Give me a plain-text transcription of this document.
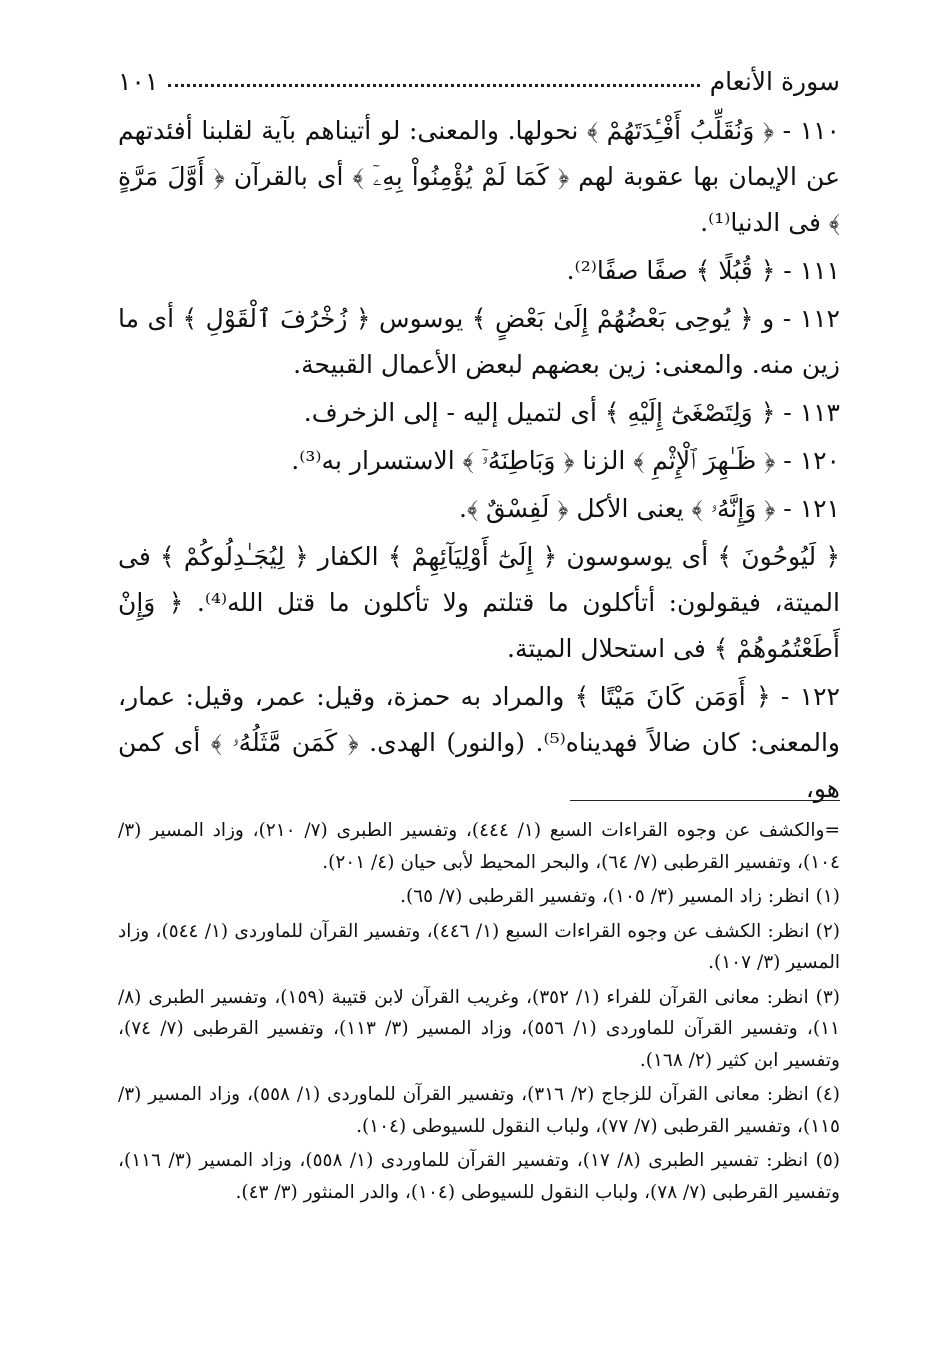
سورة الأنعام
١٠١

١١٠ - ﴿ وَنُقَلِّبُ أَفْـِٔدَتَهُمْ ﴾ نحولها. والمعنى: لو أتيناهم بآية لقلبنا أفئدتهم عن الإيمان بها عقوبة لهم ﴿ كَمَا لَمْ يُؤْمِنُواْ بِهِۦٓ ﴾ أى بالقرآن ﴿ أَوَّلَ مَرَّةٍ ﴾ فى الدنيا⁽¹⁾.

١١١ - ﴿ قُبُلًا ﴾ صفًا صفًا⁽²⁾.

١١٢ - و ﴿ يُوحِى بَعْضُهُمْ إِلَىٰ بَعْضٍ ﴾ يوسوس ﴿ زُخْرُفَ ٱلْقَوْلِ ﴾ أى ما زين منه. والمعنى: زين بعضهم لبعض الأعمال القبيحة.

١١٣ - ﴿ وَلِتَصْغَىٰٓ إِلَيْهِ ﴾ أى لتميل إليه - إلى الزخرف.

١٢٠ - ﴿ ظَـٰهِرَ ٱلْإِثْمِ ﴾ الزنا ﴿ وَبَاطِنَهُۥٓ ﴾ الاستسرار به⁽³⁾.

١٢١ - ﴿ وَإِنَّهُۥ ﴾ يعنى الأكل ﴿ لَفِسْقٌ ﴾.

﴿ لَيُوحُونَ ﴾ أى يوسوسون ﴿ إِلَىٰٓ أَوْلِيَآئِهِمْ ﴾ الكفار ﴿ لِيُجَـٰدِلُوكُمْ ﴾ فى الميتة، فيقولون: أتأكلون ما قتلتم ولا تأكلون ما قتل الله⁽⁴⁾. ﴿ وَإِنْ أَطَعْتُمُوهُمْ ﴾ فى استحلال الميتة.

١٢٢ - ﴿ أَوَمَن كَانَ مَيْتًا ﴾ والمراد به حمزة، وقيل: عمر، وقيل: عمار، والمعنى: كان ضالاً فهديناه⁽⁵⁾. (والنور) الهدى. ﴿ كَمَن مَّثَلُهُۥ ﴾ أى كمن هو،

=والكشف عن وجوه القراءات السبع (١/ ٤٤٤)، وتفسير الطبرى (٧/ ٢١٠)، وزاد المسير (٣/ ١٠٤)، وتفسير القرطبى (٧/ ٦٤)، والبحر المحيط لأبى حيان (٤/ ٢٠١).

(١) انظر: زاد المسير (٣/ ١٠٥)، وتفسير القرطبى (٧/ ٦٥).

(٢) انظر: الكشف عن وجوه القراءات السبع (١/ ٤٤٦)، وتفسير القرآن للماوردى (١/ ٥٤٤)، وزاد المسير (٣/ ١٠٧).

(٣) انظر: معانى القرآن للفراء (١/ ٣٥٢)، وغريب القرآن لابن قتيبة (١٥٩)، وتفسير الطبرى (٨/ ١١)، وتفسير القرآن للماوردى (١/ ٥٥٦)، وزاد المسير (٣/ ١١٣)، وتفسير القرطبى (٧/ ٧٤)، وتفسير ابن كثير (٢/ ١٦٨).

(٤) انظر: معانى القرآن للزجاج (٢/ ٣١٦)، وتفسير القرآن للماوردى (١/ ٥٥٨)، وزاد المسير (٣/ ١١٥)، وتفسير القرطبى (٧/ ٧٧)، ولباب النقول للسيوطى (١٠٤).

(٥) انظر: تفسير الطبرى (٨/ ١٧)، وتفسير القرآن للماوردى (١/ ٥٥٨)، وزاد المسير (٣/ ١١٦)، وتفسير القرطبى (٧/ ٧٨)، ولباب النقول للسيوطى (١٠٤)، والدر المنثور (٣/ ٤٣).
